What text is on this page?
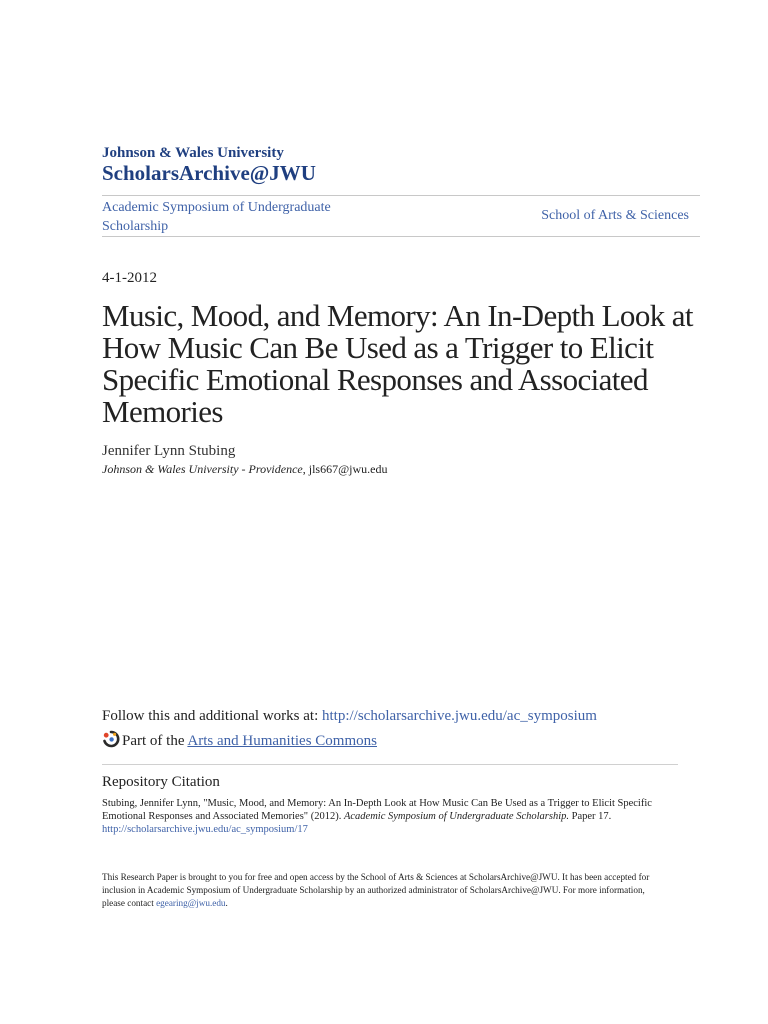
Johnson & Wales University
ScholarsArchive@JWU
Academic Symposium of Undergraduate Scholarship
School of Arts & Sciences
4-1-2012
Music, Mood, and Memory: An In-Depth Look at How Music Can Be Used as a Trigger to Elicit Specific Emotional Responses and Associated Memories
Jennifer Lynn Stubing
Johnson & Wales University - Providence, jls667@jwu.edu
Follow this and additional works at: http://scholarsarchive.jwu.edu/ac_symposium
Part of the Arts and Humanities Commons
Repository Citation
Stubing, Jennifer Lynn, "Music, Mood, and Memory: An In-Depth Look at How Music Can Be Used as a Trigger to Elicit Specific Emotional Responses and Associated Memories" (2012). Academic Symposium of Undergraduate Scholarship. Paper 17.
http://scholarsarchive.jwu.edu/ac_symposium/17
This Research Paper is brought to you for free and open access by the School of Arts & Sciences at ScholarsArchive@JWU. It has been accepted for inclusion in Academic Symposium of Undergraduate Scholarship by an authorized administrator of ScholarsArchive@JWU. For more information, please contact egearing@jwu.edu.
